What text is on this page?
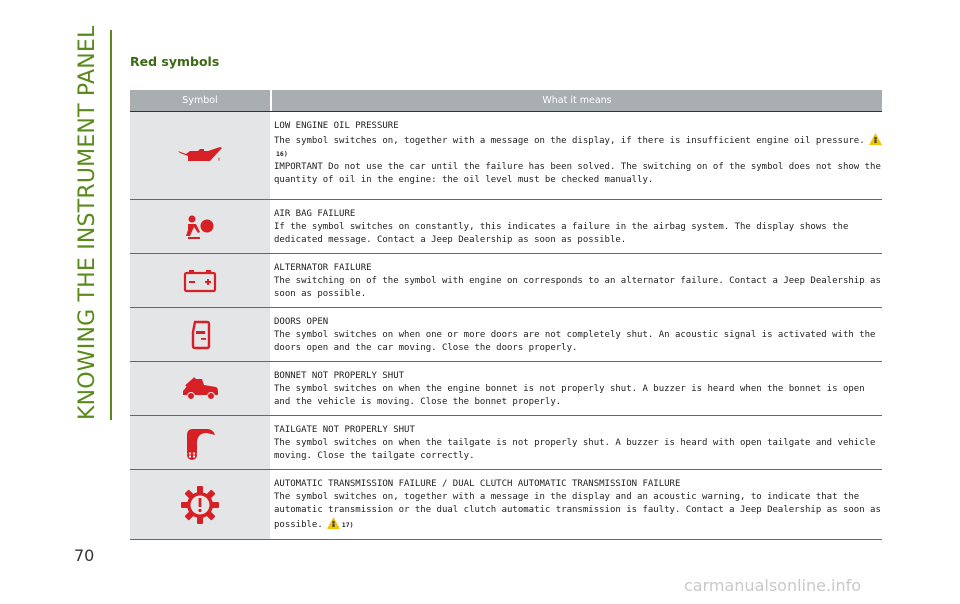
KNOWING THE INSTRUMENT PANEL Red symbols
Symbol	What it means
LOW ENGINE OIL PRESSURE

The symbol switches on, together with a message on the display, if there is insufficient engine oil pressure.16)

IMPORTANT Do not use the car until the failure has been solved. The switching on of the symbol does not show the quantity of oil in the engine: the oil level must be checked manually.

AIR BAG FAILURE

If the symbol switches on constantly, this indicates a failure in the airbag system. The display shows the dedicated message. Contact a Jeep Dealership as soon as possible.

ALTERNATOR FAILURE

The switching on of the symbol with engine on corresponds to an alternator failure. Contact a Jeep Dealership as soon as possible.

DOORS OPEN

The symbol switches on when one or more doors are not completely shut. An acoustic signal is activated with the doors open and the car moving. Close the doors properly.

BONNET NOT PROPERLY SHUT

The symbol switches on when the engine bonnet is not properly shut. A buzzer is heard when the bonnet is open and the vehicle is moving. Close the bonnet properly.

TAILGATE NOT PROPERLY SHUT

The symbol switches on when the tailgate is not properly shut. A buzzer is heard with open tailgate and vehicle moving. Close the tailgate correctly.

AUTOMATIC TRANSMISSION FAILURE / DUAL CLUTCH AUTOMATIC TRANSMISSION FAILURE

The symbol switches on, together with a message in the display and an acoustic warning, to indicate that the automatic transmission or the dual clutch automatic transmission is faulty. Contact a Jeep Dealership as soon as possible.	17)

70
carmanualsonline.info
